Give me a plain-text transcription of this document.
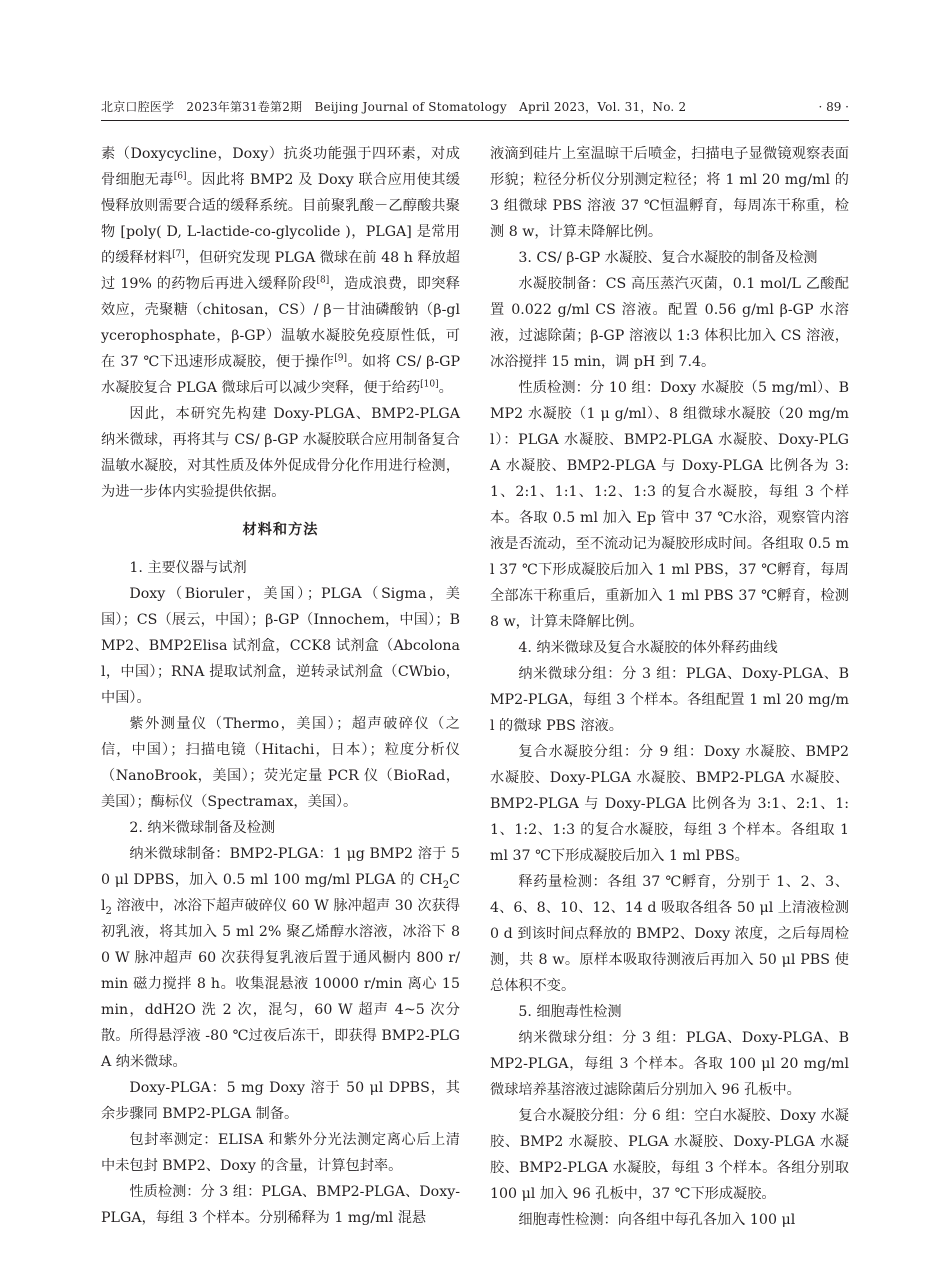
北京口腔医学　2023年第31卷第2期　Beijing Journal of Stomatology　April 2023，Vol. 31，No. 2	· 89 ·

素（Doxycycline，Doxy）抗炎功能强于四环素，对成骨细胞无毒[6]。因此将 BMP2 及 Doxy 联合应用使其缓慢释放则需要合适的缓释系统。目前聚乳酸－乙醇酸共聚物 [poly( D, L-lactide-co-glycolide )，PLGA] 是常用的缓释材料[7]，但研究发现 PLGA 微球在前 48 h 释放超过 19% 的药物后再进入缓释阶段[8]，造成浪费，即突释效应，壳聚糖（chitosan，CS）/ β－甘油磷酸钠（β-glycerophosphate，β-GP）温敏水凝胶免疫原性低，可在 37 ℃下迅速形成凝胶，便于操作[9]。如将 CS/ β-GP 水凝胶复合 PLGA 微球后可以减少突释，便于给药[10]。

因此，本研究先构建 Doxy-PLGA、BMP2-PLGA 纳米微球，再将其与 CS/ β-GP 水凝胶联合应用制备复合温敏水凝胶，对其性质及体外促成骨分化作用进行检测，为进一步体内实验提供依据。

材料和方法

1. 主要仪器与试剂

Doxy（Bioruler，美国）；PLGA（Sigma，美国）；CS（展云，中国）；β-GP（Innochem，中国）；BMP2、BMP2Elisa 试剂盒，CCK8 试剂盒（Abcolonal，中国）；RNA 提取试剂盒，逆转录试剂盒（CWbio，中国）。

紫外测量仪（Thermo，美国）；超声破碎仪（之信，中国）；扫描电镜（Hitachi，日本）；粒度分析仪（NanoBrook，美国）；荧光定量 PCR 仪（BioRad，美国）；酶标仪（Spectramax，美国）。

2. 纳米微球制备及检测

纳米微球制备：BMP2-PLGA：1 μg BMP2 溶于 50 μl DPBS，加入 0.5 ml 100 mg/ml PLGA 的 $CH_2Cl_2$ 溶液中，冰浴下超声破碎仪 60 W 脉冲超声 30 次获得初乳液，将其加入 5 ml 2% 聚乙烯醇水溶液，冰浴下 80 W 脉冲超声 60 次获得复乳液后置于通风橱内 800 r/min 磁力搅拌 8 h。收集混悬液 10000 r/min 离心 15 min，ddH2O 洗 2 次，混匀，60 W 超声 4~5 次分散。所得悬浮液 -80 ℃过夜后冻干，即获得 BMP2-PLGA 纳米微球。

Doxy-PLGA：5 mg Doxy 溶于 50 μl DPBS，其余步骤同 BMP2-PLGA 制备。

包封率测定：ELISA 和紫外分光法测定离心后上清中未包封 BMP2、Doxy 的含量，计算包封率。

性质检测：分 3 组：PLGA、BMP2-PLGA、Doxy-PLGA，每组 3 个样本。分别稀释为 1 mg/ml 混悬

液滴到硅片上室温晾干后喷金，扫描电子显微镜观察表面形貌；粒径分析仪分别测定粒径；将 1 ml 20 mg/ml 的 3 组微球 PBS 溶液 37 ℃恒温孵育，每周冻干称重，检测 8 w，计算未降解比例。

3. CS/ β-GP 水凝胶、复合水凝胶的制备及检测

水凝胶制备：CS 高压蒸汽灭菌，0.1 mol/L 乙酸配置 0.022 g/ml CS 溶液。配置 0.56 g/ml β-GP 水溶液，过滤除菌；β-GP 溶液以 1:3 体积比加入 CS 溶液，冰浴搅拌 15 min，调 pH 到 7.4。

性质检测：分 10 组：Doxy 水凝胶（5 mg/ml）、BMP2 水凝胶（1 μ g/ml）、8 组微球水凝胶（20 mg/ml）：PLGA 水凝胶、BMP2-PLGA 水凝胶、Doxy-PLGA 水凝胶、BMP2-PLGA 与 Doxy-PLGA 比例各为 3:1、2:1、1:1、1:2、1:3 的复合水凝胶，每组 3 个样本。各取 0.5 ml 加入 Ep 管中 37 ℃水浴，观察管内溶液是否流动，至不流动记为凝胶形成时间。各组取 0.5 ml 37 ℃下形成凝胶后加入 1 ml PBS，37 ℃孵育，每周全部冻干称重后，重新加入 1 ml PBS 37 ℃孵育，检测 8 w，计算未降解比例。

4. 纳米微球及复合水凝胶的体外释药曲线

纳米微球分组：分 3 组：PLGA、Doxy-PLGA、BMP2-PLGA，每组 3 个样本。各组配置 1 ml 20 mg/ml 的微球 PBS 溶液。

复合水凝胶分组：分 9 组：Doxy 水凝胶、BMP2 水凝胶、Doxy-PLGA 水凝胶、BMP2-PLGA 水凝胶、BMP2-PLGA 与 Doxy-PLGA 比例各为 3:1、2:1、1:1、1:2、1:3 的复合水凝胶，每组 3 个样本。各组取 1 ml 37 ℃下形成凝胶后加入 1 ml PBS。

释药量检测：各组 37 ℃孵育，分别于 1、2、3、4、6、8、10、12、14 d 吸取各组各 50 μl 上清液检测 0 d 到该时间点释放的 BMP2、Doxy 浓度，之后每周检测，共 8 w。原样本吸取待测液后再加入 50 μl PBS 使总体积不变。

5. 细胞毒性检测

纳米微球分组：分 3 组：PLGA、Doxy-PLGA、BMP2-PLGA，每组 3 个样本。各取 100 μl 20 mg/ml 微球培养基溶液过滤除菌后分别加入 96 孔板中。

复合水凝胶分组：分 6 组：空白水凝胶、Doxy 水凝胶、BMP2 水凝胶、PLGA 水凝胶、Doxy-PLGA 水凝胶、BMP2-PLGA 水凝胶，每组 3 个样本。各组分别取 100 μl 加入 96 孔板中，37 ℃下形成凝胶。

细胞毒性检测：向各组中每孔各加入 100 μl
